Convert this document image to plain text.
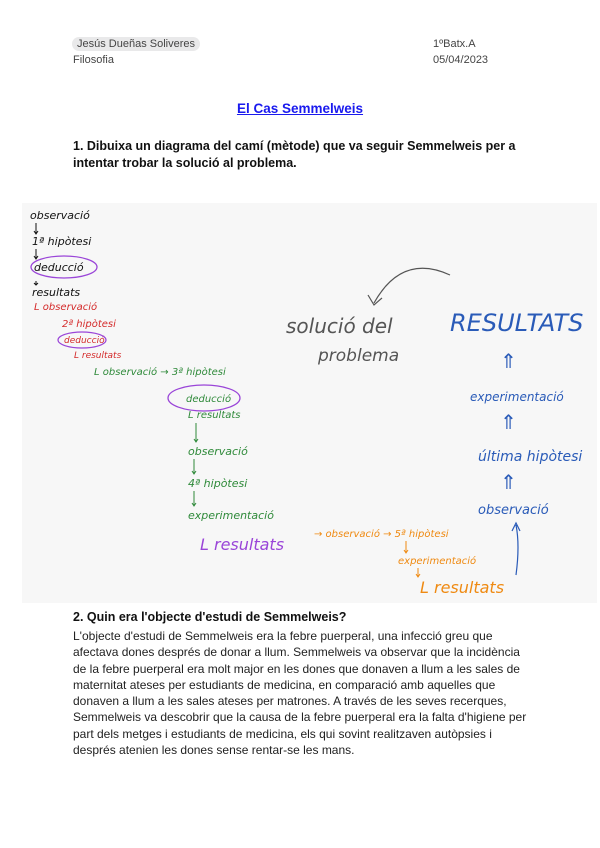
Jesús Dueñas Soliveres	1ºBatx.A
Filosofia	05/04/2023
El Cas Semmelweis
1. Dibuixa un diagrama del camí (mètode) que va seguir Semmelweis per a intentar trobar la solució al problema.
observació
1ª hipòtesi
deducció
resultats
L observació
2ª hipòtesi
deducció
L resultats
L observació → 3ª hipòtesi
deducció
L resultats
observació
4ª hipòtesi
experimentació
L resultats
→ observació → 5ª hipòtesi
experimentació
L resultats
RESULTATS
⇑
experimentació
⇑
última hipòtesi
⇑
observació
solució del
problema
2. Quin era l'objecte d'estudi de Semmelweis?
L'objecte d'estudi de Semmelweis era la febre puerperal, una infecció greu que afectava dones després de donar a llum. Semmelweis va observar que la incidència de la febre puerperal era molt major en les dones que donaven a llum a les sales de maternitat ateses per estudiants de medicina, en comparació amb aquelles que donaven a llum a les sales ateses per matrones. A través de les seves recerques, Semmelweis va descobrir que la causa de la febre puerperal era la falta d'higiene per part dels metges i estudiants de medicina, els qui sovint realitzaven autòpsies i després atenien les dones sense rentar-se les mans.
